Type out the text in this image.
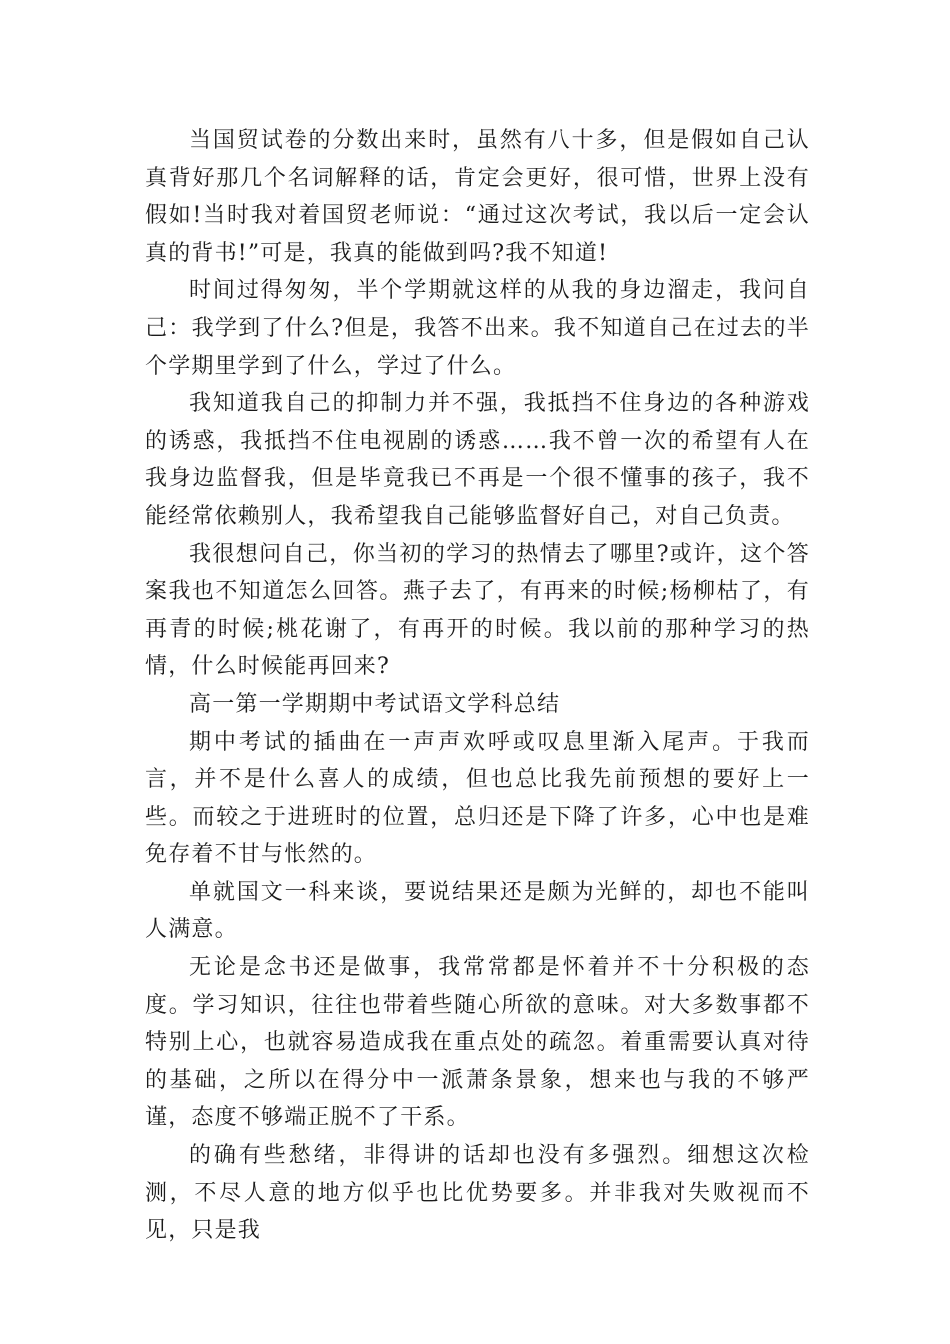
当国贸试卷的分数出来时，虽然有八十多，但是假如自己认真背好那几个名词解释的话，肯定会更好，很可惜，世界上没有假如!当时我对着国贸老师说：“通过这次考试，我以后一定会认真的背书!”可是，我真的能做到吗?我不知道!

时间过得匆匆，半个学期就这样的从我的身边溜走，我问自己：我学到了什么?但是，我答不出来。我不知道自己在过去的半个学期里学到了什么，学过了什么。

我知道我自己的抑制力并不强，我抵挡不住身边的各种游戏的诱惑，我抵挡不住电视剧的诱惑……我不曾一次的希望有人在我身边监督我，但是毕竟我已不再是一个很不懂事的孩子，我不能经常依赖别人，我希望我自己能够监督好自己，对自己负责。

我很想问自己，你当初的学习的热情去了哪里?或许，这个答案我也不知道怎么回答。燕子去了，有再来的时候;杨柳枯了，有再青的时候;桃花谢了，有再开的时候。我以前的那种学习的热情，什么时候能再回来?

高一第一学期期中考试语文学科总结

期中考试的插曲在一声声欢呼或叹息里渐入尾声。于我而言，并不是什么喜人的成绩，但也总比我先前预想的要好上一些。而较之于进班时的位置，总归还是下降了许多，心中也是难免存着不甘与怅然的。

单就国文一科来谈，要说结果还是颇为光鲜的，却也不能叫人满意。

无论是念书还是做事，我常常都是怀着并不十分积极的态度。学习知识，往往也带着些随心所欲的意味。对大多数事都不特别上心，也就容易造成我在重点处的疏忽。着重需要认真对待的基础，之所以在得分中一派萧条景象，想来也与我的不够严谨，态度不够端正脱不了干系。

的确有些愁绪，非得讲的话却也没有多强烈。细想这次检测，不尽人意的地方似乎也比优势要多。并非我对失败视而不见，只是我
